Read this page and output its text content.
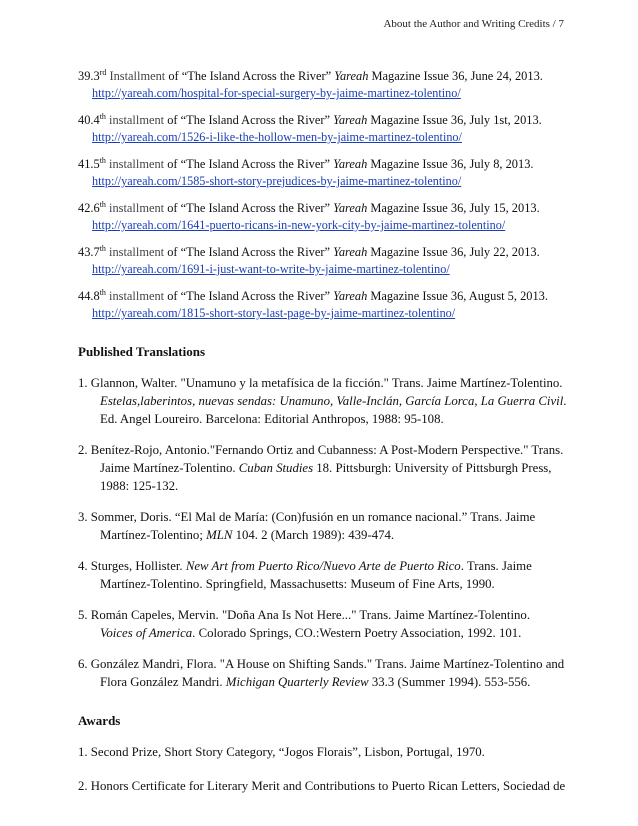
About the Author and Writing Credits / 7
39.3rd Installment of “The Island Across the River” Yareah Magazine Issue 36, June 24, 2013.
http://yareah.com/hospital-for-special-surgery-by-jaime-martinez-tolentino/
40.4th installment of “The Island Across the River” Yareah Magazine Issue 36, July 1st, 2013.
http://yareah.com/1526-i-like-the-hollow-men-by-jaime-martinez-tolentino/
41.5th installment of “The Island Across the River” Yareah Magazine Issue 36, July 8, 2013.
http://yareah.com/1585-short-story-prejudices-by-jaime-martinez-tolentino/
42.6th installment of “The Island Across the River” Yareah Magazine Issue 36, July 15, 2013.
http://yareah.com/1641-puerto-ricans-in-new-york-city-by-jaime-martinez-tolentino/
43.7th installment of “The Island Across the River” Yareah Magazine Issue 36, July 22, 2013.
http://yareah.com/1691-i-just-want-to-write-by-jaime-martinez-tolentino/
44.8th installment of “The Island Across the River” Yareah Magazine Issue 36, August 5, 2013.
http://yareah.com/1815-short-story-last-page-by-jaime-martinez-tolentino/
Published Translations
1. Glannon, Walter. "Unamuno y la metafísica de la ficción." Trans. Jaime Martínez-Tolentino.
Estelas,laberintos, nuevas sendas: Unamuno, Valle-Inclán, García Lorca, La Guerra Civil. Ed. Angel Loureiro. Barcelona: Editorial Anthropos, 1988: 95-108.
2. Benítez-Rojo, Antonio."Fernando Ortiz and Cubanness: A Post-Modern Perspective." Trans.
Jaime Martínez-Tolentino. Cuban Studies 18. Pittsburgh: University of Pittsburgh Press, 1988: 125-132.
3. Sommer, Doris. “El Mal de María: (Con)fusión en un romance nacional.” Trans. Jaime
Martínez-Tolentino; MLN 104. 2 (March 1989): 439-474.
4. Sturges, Hollister. New Art from Puerto Rico/Nuevo Arte de Puerto Rico. Trans. Jaime
Martínez-Tolentino. Springfield, Massachusetts: Museum of Fine Arts, 1990.
5. Román Capeles, Mervin. "Doña Ana Is Not Here..." Trans. Jaime Martínez-Tolentino.
Voices of America. Colorado Springs, CO.:Western Poetry Association, 1992. 101.
6. González Mandri, Flora. "A House on Shifting Sands." Trans. Jaime Martínez-Tolentino and
Flora González Mandri. Michigan Quarterly Review 33.3 (Summer 1994). 553-556.
Awards
1. Second Prize, Short Story Category, “Jogos Florais”, Lisbon, Portugal, 1970.
2. Honors Certificate for Literary Merit and Contributions to Puerto Rican Letters, Sociedad de
